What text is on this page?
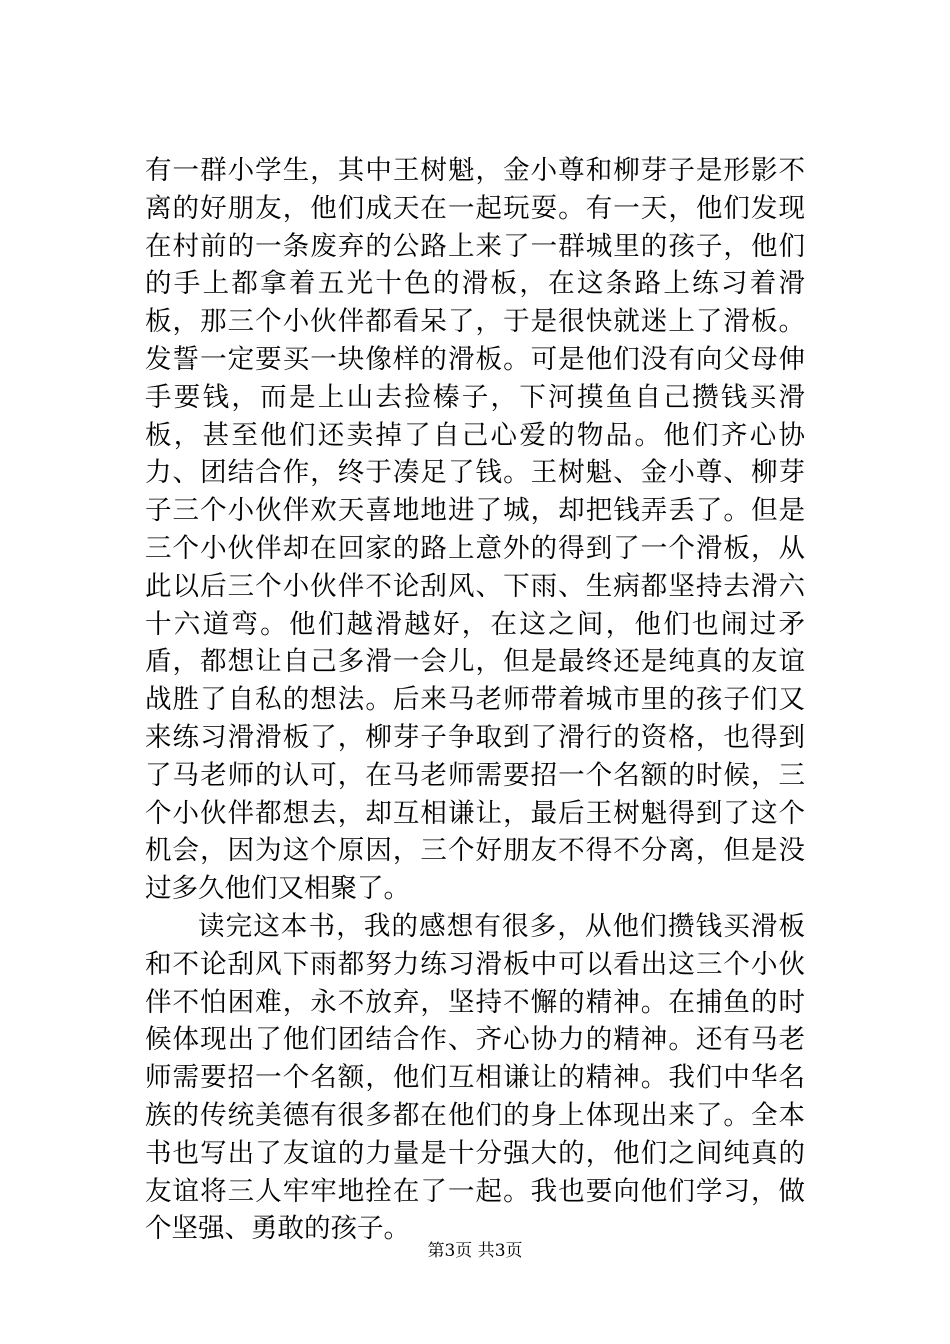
有一群小学生，其中王树魁，金小尊和柳芽子是形影不离的好朋友，他们成天在一起玩耍。有一天，他们发现在村前的一条废弃的公路上来了一群城里的孩子，他们的手上都拿着五光十色的滑板，在这条路上练习着滑板，那三个小伙伴都看呆了，于是很快就迷上了滑板。发誓一定要买一块像样的滑板。可是他们没有向父母伸手要钱，而是上山去捡榛子，下河摸鱼自己攒钱买滑板，甚至他们还卖掉了自己心爱的物品。他们齐心协力、团结合作，终于凑足了钱。王树魁、金小尊、柳芽子三个小伙伴欢天喜地地进了城，却把钱弄丢了。但是三个小伙伴却在回家的路上意外的得到了一个滑板，从此以后三个小伙伴不论刮风、下雨、生病都坚持去滑六十六道弯。他们越滑越好，在这之间，他们也闹过矛盾，都想让自己多滑一会儿，但是最终还是纯真的友谊战胜了自私的想法。后来马老师带着城市里的孩子们又来练习滑滑板了，柳芽子争取到了滑行的资格，也得到了马老师的认可，在马老师需要招一个名额的时候，三个小伙伴都想去，却互相谦让，最后王树魁得到了这个机会，因为这个原因，三个好朋友不得不分离，但是没过多久他们又相聚了。

读完这本书，我的感想有很多，从他们攒钱买滑板和不论刮风下雨都努力练习滑板中可以看出这三个小伙伴不怕困难，永不放弃，坚持不懈的精神。在捕鱼的时候体现出了他们团结合作、齐心协力的精神。还有马老师需要招一个名额，他们互相谦让的精神。我们中华名族的传统美德有很多都在他们的身上体现出来了。全本书也写出了友谊的力量是十分强大的，他们之间纯真的友谊将三人牢牢地拴在了一起。我也要向他们学习，做个坚强、勇敢的孩子。

第3页 共3页
